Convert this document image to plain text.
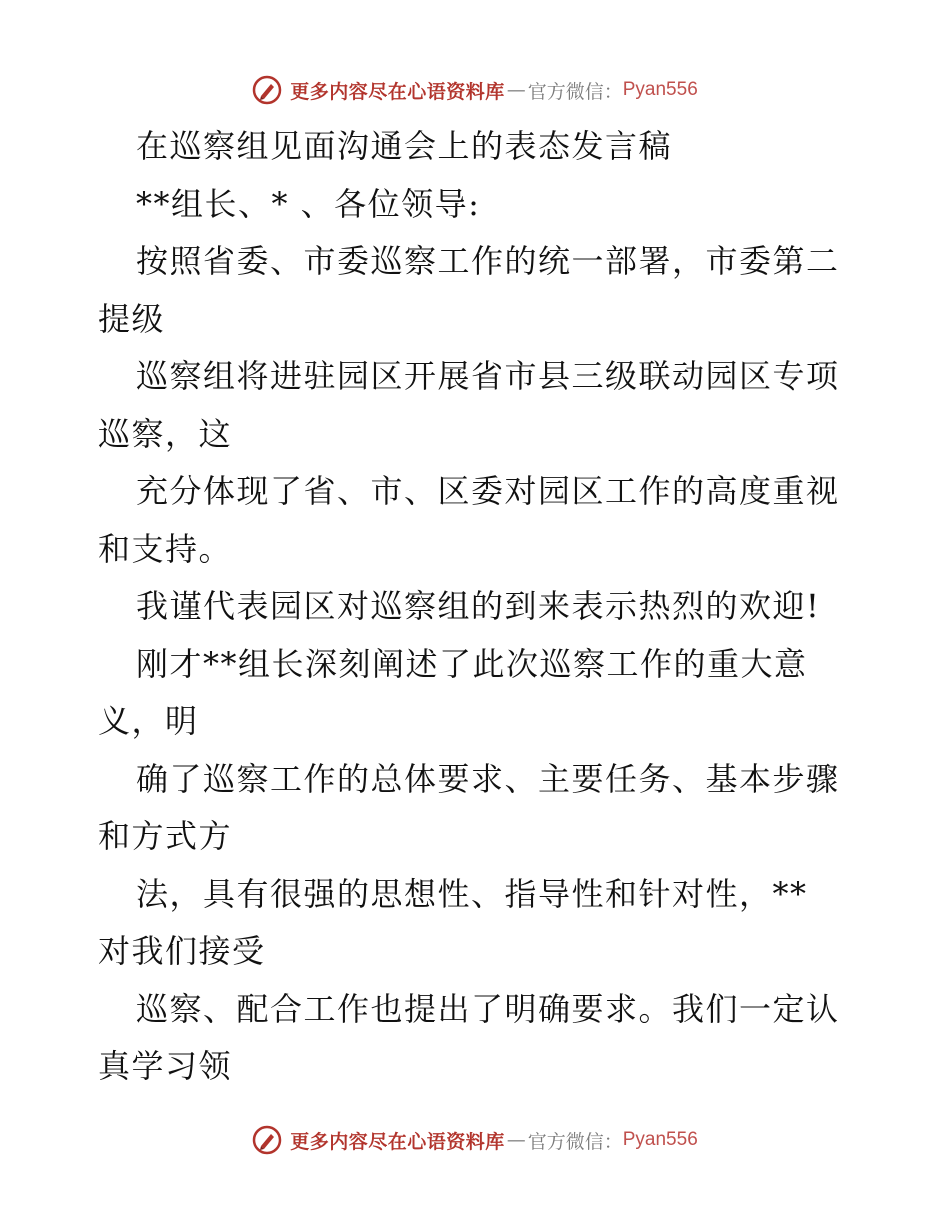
更多内容尽在心语资料库 — 官方微信： Pyan556
在巡察组见面沟通会上的表态发言稿
**组长、* 、各位领导:
按照省委、市委巡察工作的统一部署，市委第二
提级
巡察组将进驻园区开展省市县三级联动园区专项
巡察，这
充分体现了省、市、区委对园区工作的高度重视
和支持。
我谨代表园区对巡察组的到来表示热烈的欢迎!
刚才**组长深刻阐述了此次巡察工作的重大意
义，明
确了巡察工作的总体要求、主要任务、基本步骤
和方式方
法，具有很强的思想性、指导性和针对性，**
对我们接受
巡察、配合工作也提出了明确要求。我们一定认
真学习领
更多内容尽在心语资料库 — 官方微信： Pyan556
